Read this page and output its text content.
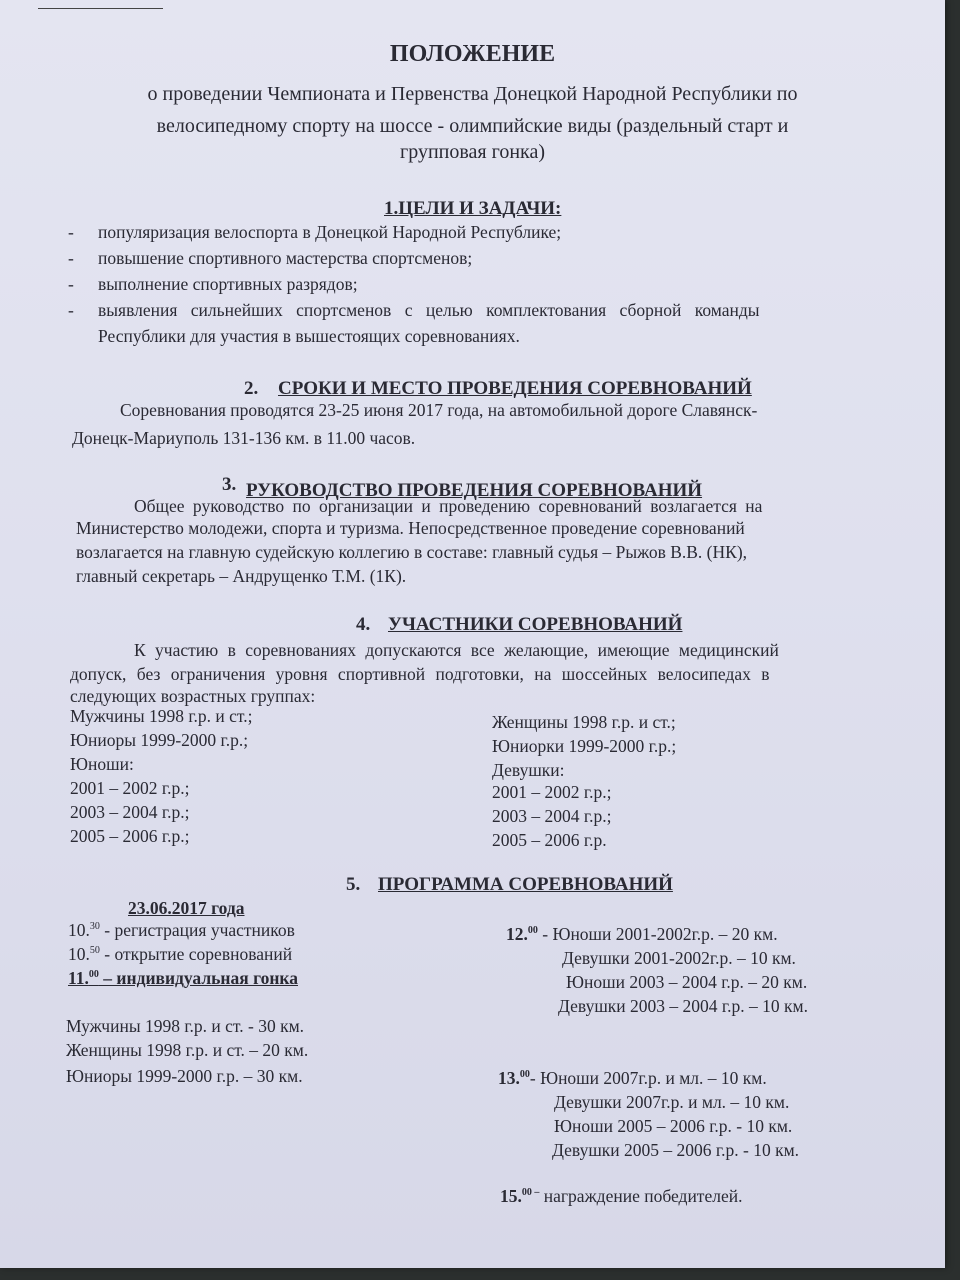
ПОЛОЖЕНИЕ
о проведении Чемпионата и Первенства Донецкой Народной Республики по
велосипедному спорту на шоссе - олимпийские виды (раздельный старт и
групповая гонка)
1.ЦЕЛИ И ЗАДАЧИ:
- популяризация велоспорта в Донецкой Народной Республике;
- повышение спортивного мастерства спортсменов;
- выполнение спортивных разрядов;
- выявления сильнейших спортсменов с целью комплектования сборной команды
Республики для участия в вышестоящих соревнованиях.
2. СРОКИ И МЕСТО ПРОВЕДЕНИЯ СОРЕВНОВАНИЙ
Соревнования проводятся 23-25 июня 2017 года, на автомобильной дороге Славянск-
Донецк-Мариуполь 131-136 км. в 11.00 часов.
3. РУКОВОДСТВО ПРОВЕДЕНИЯ СОРЕВНОВАНИЙ
Общее руководство по организации и проведению соревнований возлагается на
Министерство молодежи, спорта и туризма. Непосредственное проведение соревнований
возлагается на главную судейскую коллегию в составе: главный судья – Рыжов В.В. (НК),
главный секретарь – Андрущенко Т.М. (1К).
4. УЧАСТНИКИ СОРЕВНОВАНИЙ
К участию в соревнованиях допускаются все желающие, имеющие медицинский
допуск, без ограничения уровня спортивной подготовки, на шоссейных велосипедах в
следующих возрастных группах:
Мужчины 1998 г.р. и ст.;
Юниоры 1999-2000 г.р.;
Юноши:
2001 – 2002 г.р.;
2003 – 2004 г.р.;
2005 – 2006 г.р.;
Женщины 1998 г.р. и ст.;
Юниорки 1999-2000 г.р.;
Девушки:
2001 – 2002 г.р.;
2003 – 2004 г.р.;
2005 – 2006 г.р.
5. ПРОГРАММА СОРЕВНОВАНИЙ
23.06.2017 года
10.30 - регистрация участников
10.50 - открытие соревнований
11.00 – индивидуальная гонка
Мужчины 1998 г.р. и ст. - 30 км.
Женщины 1998 г.р. и ст. – 20 км.
Юниоры 1999-2000 г.р. – 30 км.
12.00 - Юноши 2001-2002г.р. – 20 км.
Девушки 2001-2002г.р. – 10 км.
Юноши 2003 – 2004 г.р. – 20 км.
Девушки 2003 – 2004 г.р. – 10 км.
13.00- Юноши 2007г.р. и мл. – 10 км.
Девушки 2007г.р. и мл. – 10 км.
Юноши 2005 – 2006 г.р. - 10 км.
Девушки 2005 – 2006 г.р. - 10 км.
15.$^{00 -}$ награждение победителей.
